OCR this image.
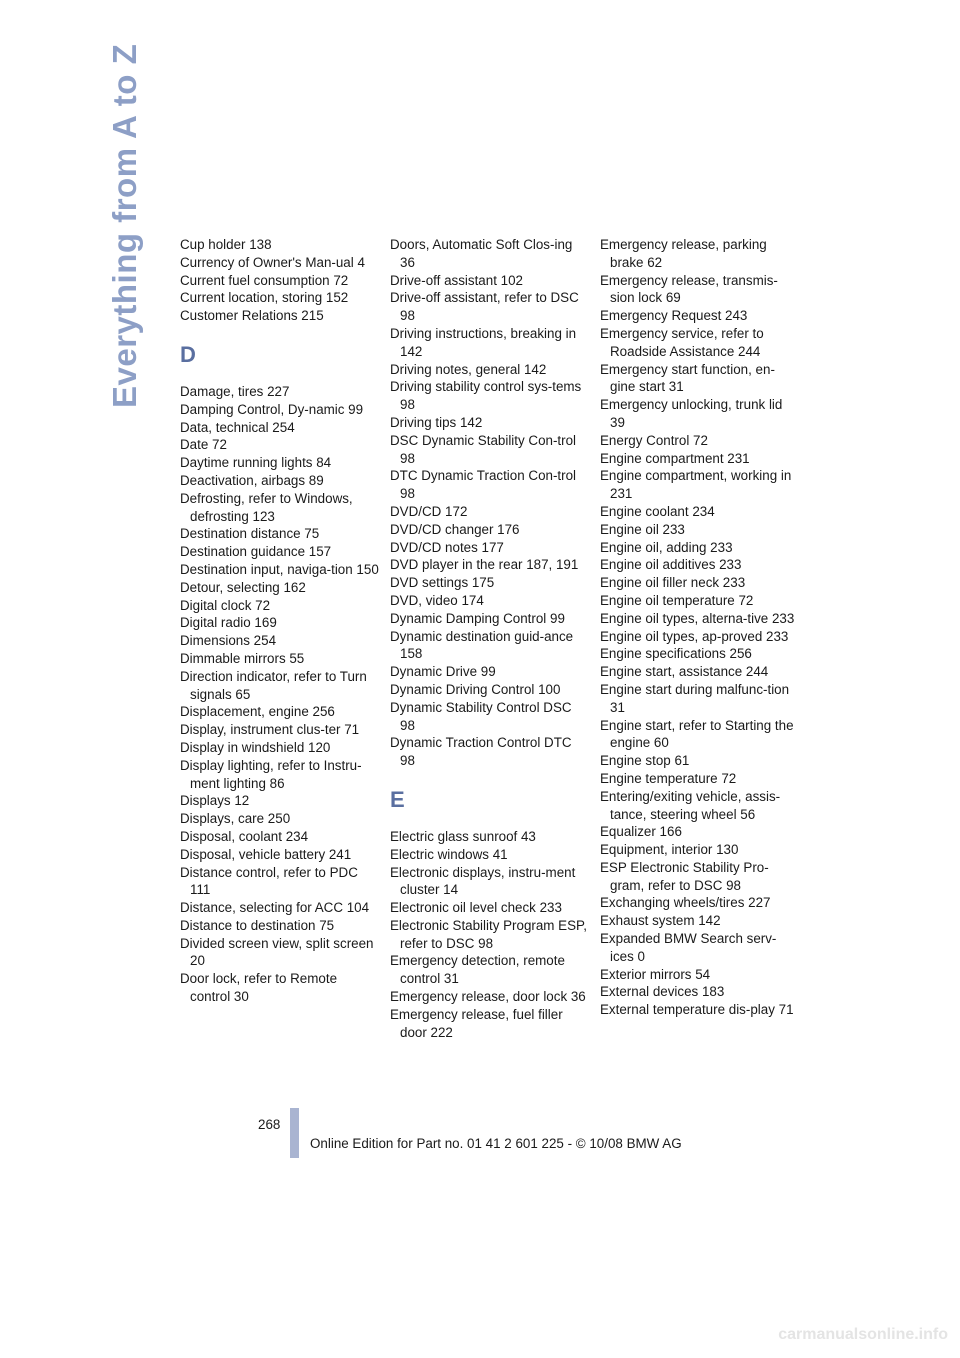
Everything from A to Z	Cup holder 138
Currency of Owner's Man-ual 4
Current fuel consumption 72
Current location, storing 152
Customer Relations 215
D
Damage, tires 227
Damping Control, Dy-namic 99
Data, technical 254
Date 72
Daytime running lights 84
Deactivation, airbags 89
Defrosting, refer to Windows, defrosting 123
Destination distance 75
Destination guidance 157
Destination input, naviga-tion 150
Detour, selecting 162
Digital clock 72
Digital radio 169
Dimensions 254
Dimmable mirrors 55
Direction indicator, refer to Turn signals 65
Displacement, engine 256
Display, instrument clus-ter 71
Display in windshield 120
Display lighting, refer to Instru-ment lighting 86
Displays 12
Displays, care 250
Disposal, coolant 234
Disposal, vehicle battery 241
Distance control, refer to PDC 111
Distance, selecting for ACC 104
Distance to destination 75
Divided screen view, split screen 20
Door lock, refer to Remote control 30
Doors, Automatic Soft Clos-ing 36
Drive-off assistant 102
Drive-off assistant, refer to DSC 98
Driving instructions, breaking in 142
Driving notes, general 142
Driving stability control sys-tems 98
Driving tips 142
DSC Dynamic Stability Con-trol 98
DTC Dynamic Traction Con-trol 98
DVD/CD 172
DVD/CD changer 176
DVD/CD notes 177
DVD player in the rear 187, 191
DVD settings 175
DVD, video 174
Dynamic Damping Control 99
Dynamic destination guid-ance 158
Dynamic Drive 99
Dynamic Driving Control 100
Dynamic Stability Control DSC 98
Dynamic Traction Control DTC 98
E
Electric glass sunroof 43
Electric windows 41
Electronic displays, instru-ment cluster 14
Electronic oil level check 233
Electronic Stability Program ESP, refer to DSC 98
Emergency detection, remote control 31
Emergency release, door lock 36
Emergency release, fuel filler door 222
Emergency release, parking brake 62
Emergency release, transmis-sion lock 69
Emergency Request 243
Emergency service, refer to Roadside Assistance 244
Emergency start function, en-gine start 31
Emergency unlocking, trunk lid 39
Energy Control 72
Engine compartment 231
Engine compartment, working in 231
Engine coolant 234
Engine oil 233
Engine oil, adding 233
Engine oil additives 233
Engine oil filler neck 233
Engine oil temperature 72
Engine oil types, alterna-tive 233
Engine oil types, ap-proved 233
Engine specifications 256
Engine start, assistance 244
Engine start during malfunc-tion 31
Engine start, refer to Starting the engine 60
Engine stop 61
Engine temperature 72
Entering/exiting vehicle, assis-tance, steering wheel 56
Equalizer 166
Equipment, interior 130
ESP Electronic Stability Pro-gram, refer to DSC 98
Exchanging wheels/tires 227
Exhaust system 142
Expanded BMW Search serv-ices 0
Exterior mirrors 54
External devices 183
External temperature dis-play 71
268
Online Edition for Part no. 01 41 2 601 225 - © 10/08 BMW AG
carmanualsonline.info
